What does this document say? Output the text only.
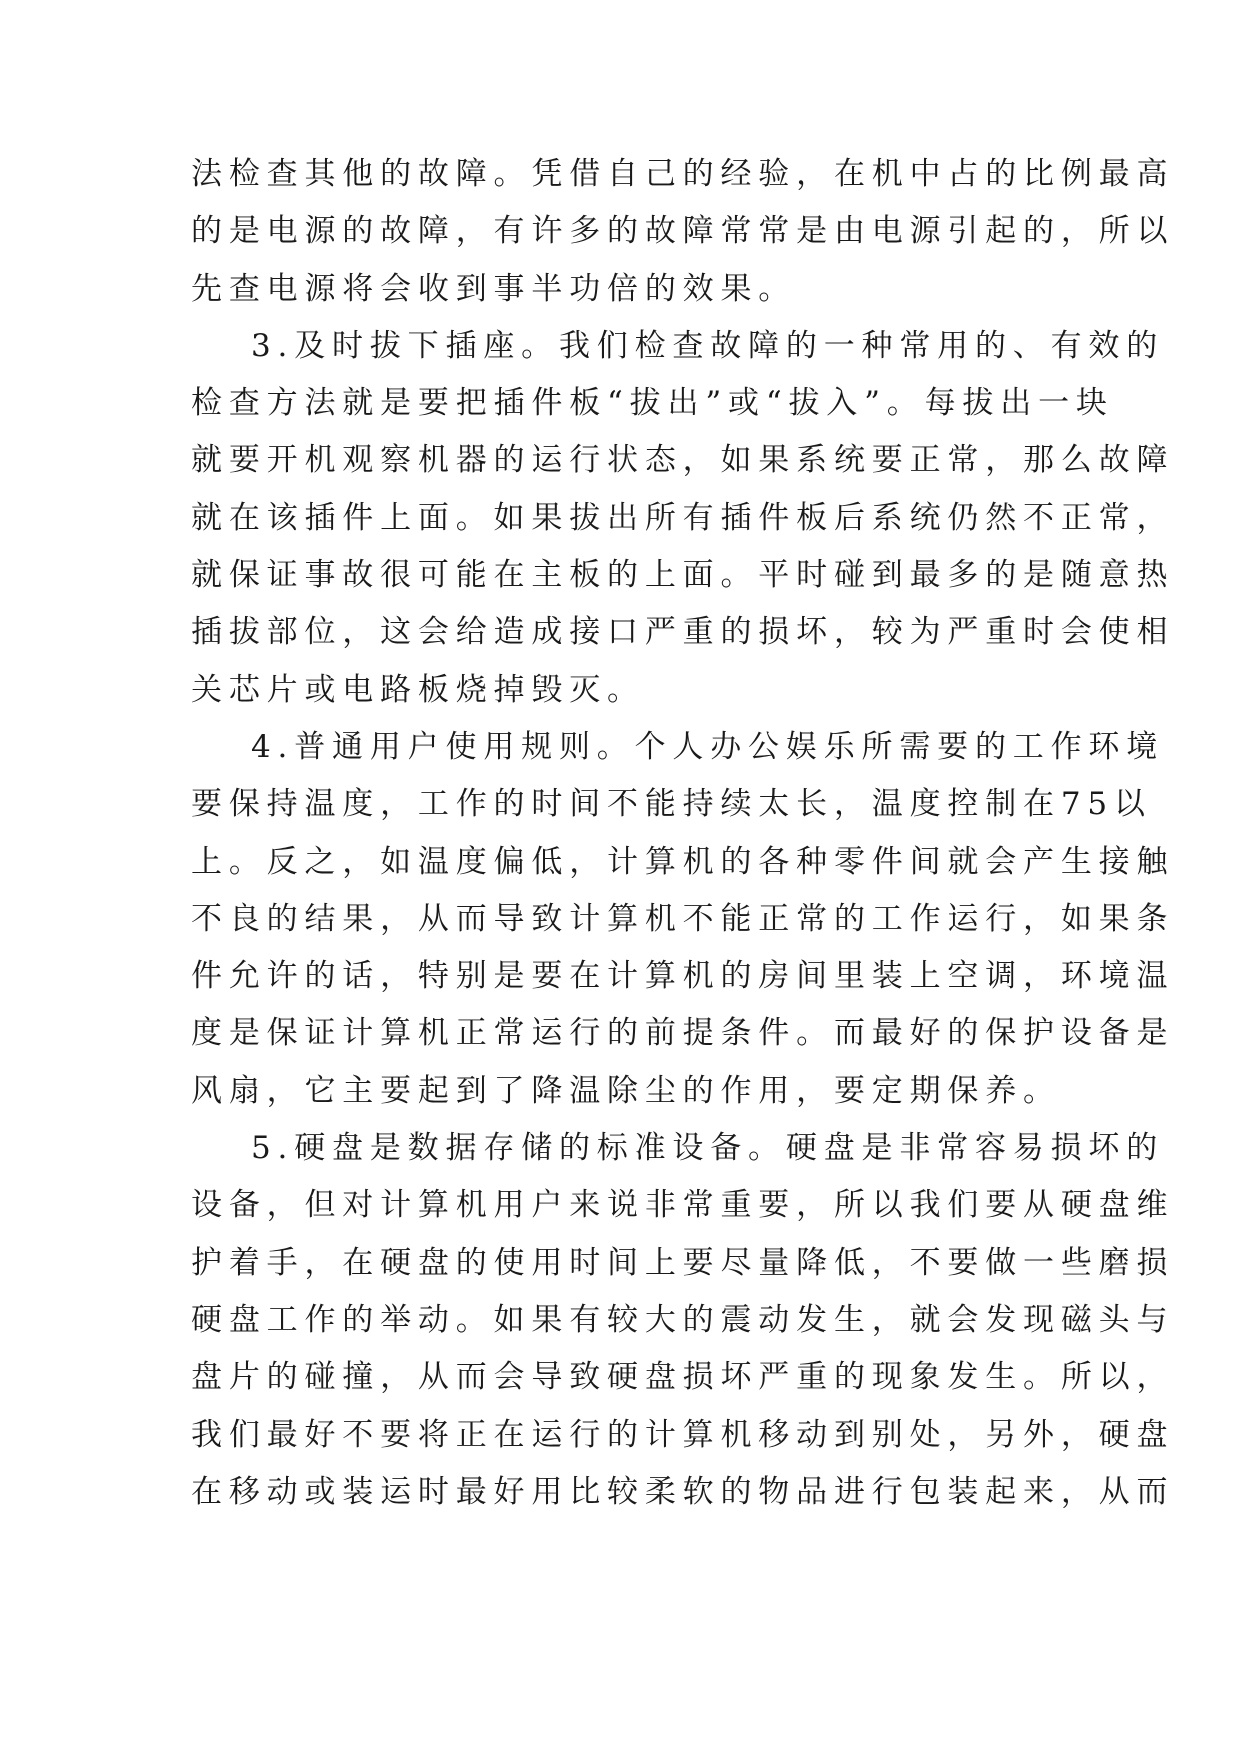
法检查其他的故障。凭借自己的经验，在机中占的比例最高
的是电源的故障，有许多的故障常常是由电源引起的，所以
先查电源将会收到事半功倍的效果。
3.及时拔下插座。我们检查故障的一种常用的、有效的
检查方法就是要把插件板“拔出”或“拔入”。每拔出一块
就要开机观察机器的运行状态，如果系统要正常，那么故障
就在该插件上面。如果拔出所有插件板后系统仍然不正常，
就保证事故很可能在主板的上面。平时碰到最多的是随意热
插拔部位，这会给造成接口严重的损坏，较为严重时会使相
关芯片或电路板烧掉毁灭。
4.普通用户使用规则。个人办公娱乐所需要的工作环境
要保持温度，工作的时间不能持续太长，温度控制在75以
上。反之，如温度偏低，计算机的各种零件间就会产生接触
不良的结果，从而导致计算机不能正常的工作运行，如果条
件允许的话，特别是要在计算机的房间里装上空调，环境温
度是保证计算机正常运行的前提条件。而最好的保护设备是
风扇，它主要起到了降温除尘的作用，要定期保养。
5.硬盘是数据存储的标准设备。硬盘是非常容易损坏的
设备，但对计算机用户来说非常重要，所以我们要从硬盘维
护着手，在硬盘的使用时间上要尽量降低，不要做一些磨损
硬盘工作的举动。如果有较大的震动发生，就会发现磁头与
盘片的碰撞，从而会导致硬盘损坏严重的现象发生。所以，
我们最好不要将正在运行的计算机移动到别处，另外，硬盘
在移动或装运时最好用比较柔软的物品进行包装起来，从而
